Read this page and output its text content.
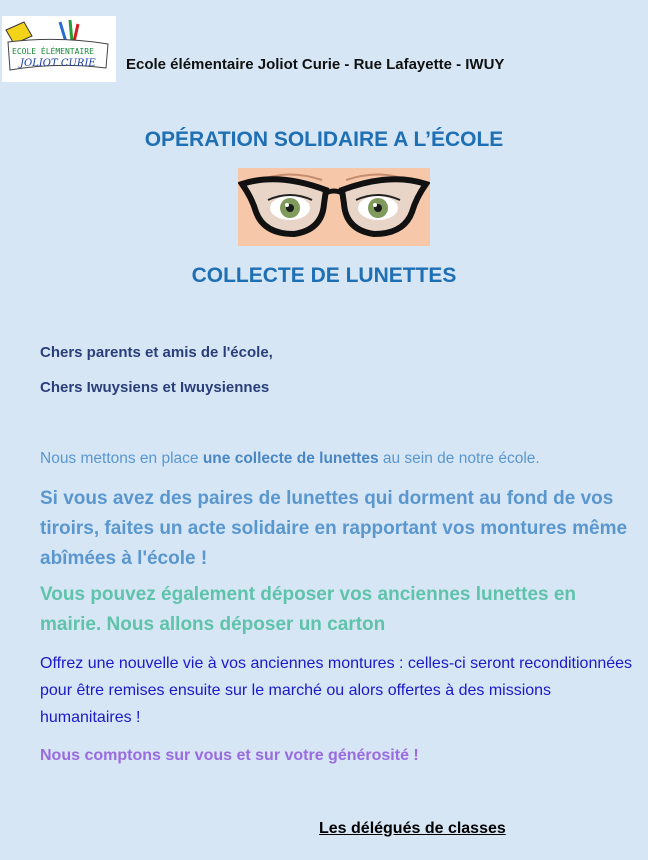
ECOLE ÉLÉMENTAIRE
JOLIOT CURIE Ecole élémentaire Joliot Curie - Rue Lafayette - IWUY
OPÉRATION SOLIDAIRE A L’ÉCOLE
COLLECTE DE LUNETTES
Chers parents et amis de l'école,
Chers Iwuysiens et Iwuysiennes
Nous mettons en place une collecte de lunettes au sein de notre école.
Si vous avez des paires de lunettes qui dorment au fond de vos tiroirs, faites un acte solidaire en rapportant vos montures même abîmées à l'école !
Vous pouvez également déposer vos anciennes lunettes en mairie. Nous allons déposer un carton
Offrez une nouvelle vie à vos anciennes montures : celles-ci seront reconditionnées pour être remises ensuite sur le marché ou alors offertes à des missions humanitaires !
Nous comptons sur vous et sur votre générosité !
Les délégués de classes
